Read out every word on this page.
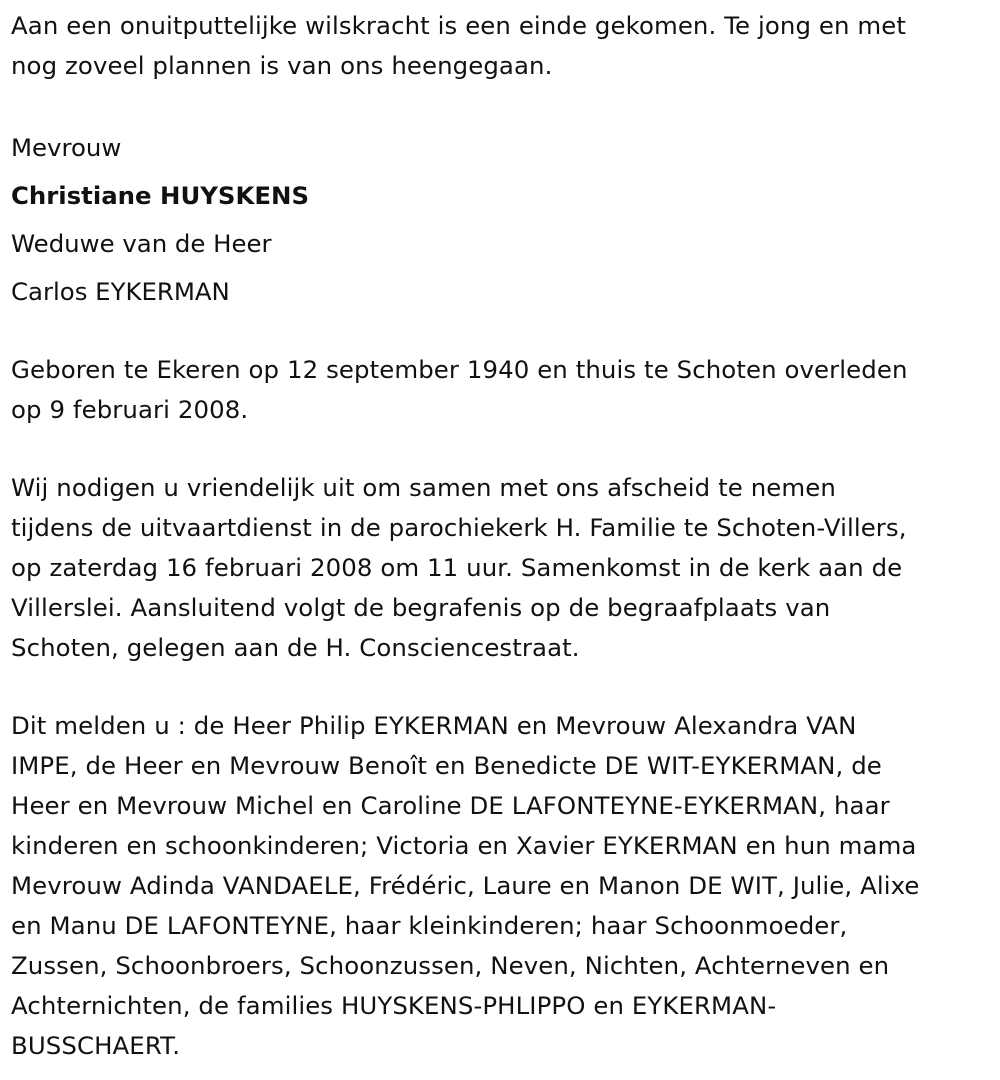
Aan een onuitputtelijke wilskracht is een einde gekomen. Te jong en met

nog zoveel plannen is van ons heengegaan.

Mevrouw

Christiane HUYSKENS

Weduwe van de Heer

Carlos EYKERMAN

Geboren te Ekeren op 12 september 1940 en thuis te Schoten overleden

op 9 februari 2008.

Wij nodigen u vriendelijk uit om samen met ons afscheid te nemen

tijdens de uitvaartdienst in de parochiekerk H. Familie te Schoten-Villers,

op zaterdag 16 februari 2008 om 11 uur. Samenkomst in de kerk aan de

Villerslei. Aansluitend volgt de begrafenis op de begraafplaats van

Schoten, gelegen aan de H. Consciencestraat.

Dit melden u : de Heer Philip EYKERMAN en Mevrouw Alexandra VAN

IMPE, de Heer en Mevrouw Benoît en Benedicte DE WIT-EYKERMAN, de

Heer en Mevrouw Michel en Caroline DE LAFONTEYNE-EYKERMAN, haar

kinderen en schoonkinderen; Victoria en Xavier EYKERMAN en hun mama

Mevrouw Adinda VANDAELE, Frédéric, Laure en Manon DE WIT, Julie, Alixe

en Manu DE LAFONTEYNE, haar kleinkinderen; haar Schoonmoeder,

Zussen, Schoonbroers, Schoonzussen, Neven, Nichten, Achterneven en

Achternichten, de families HUYSKENS-PHLIPPO en EYKERMAN-

BUSSCHAERT.
